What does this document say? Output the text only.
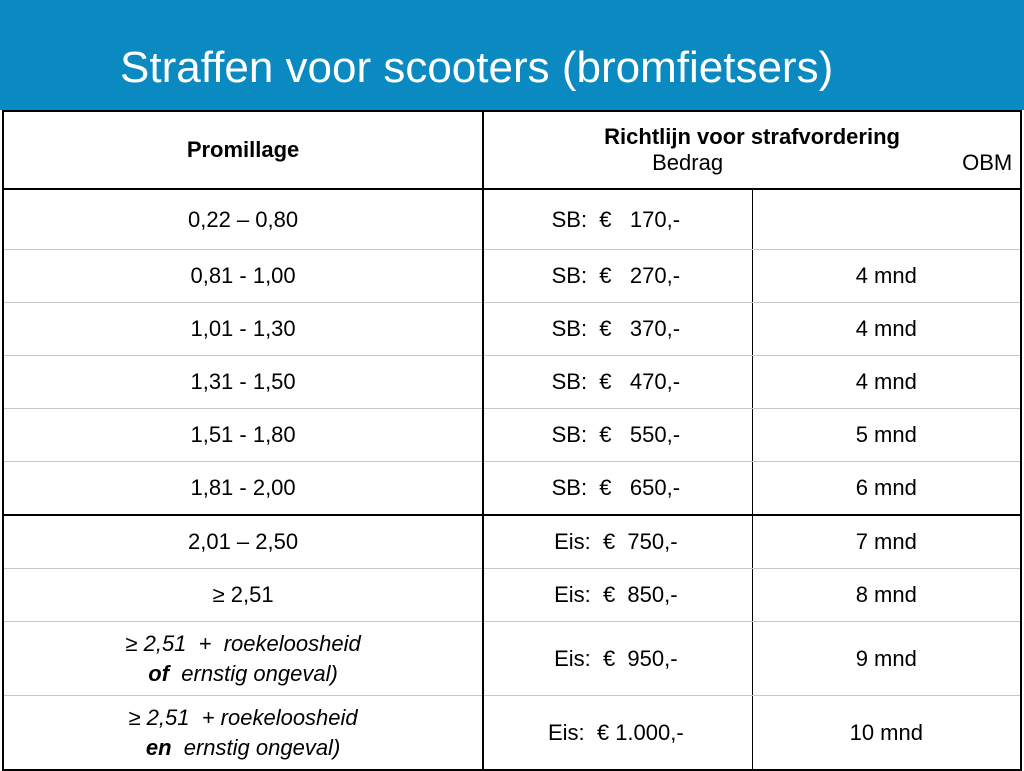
Straffen voor scooters (bromfietsers)
Promillage	Richtlijn voor strafvordering
Bedrag OBM	

0,22 – 0,80	SB:  €   170,-	
0,81 - 1,00	SB:  €   270,-	4 mnd
1,01 - 1,30	SB:  €   370,-	4 mnd
1,31 - 1,50	SB:  €   470,-	4 mnd
1,51 - 1,80	SB:  €   550,-	5 mnd
1,81 - 2,00	SB:  €   650,-	6 mnd
2,01 – 2,50	Eis:  €  750,-	7 mnd
≥ 2,51	Eis:  €  850,-	8 mnd
≥ 2,51  +  roekeloosheid
of  ernstig ongeval)	Eis:  €  950,-	9 mnd
≥ 2,51  + roekeloosheid
en  ernstig ongeval)	Eis:  € 1.000,-	10 mnd
